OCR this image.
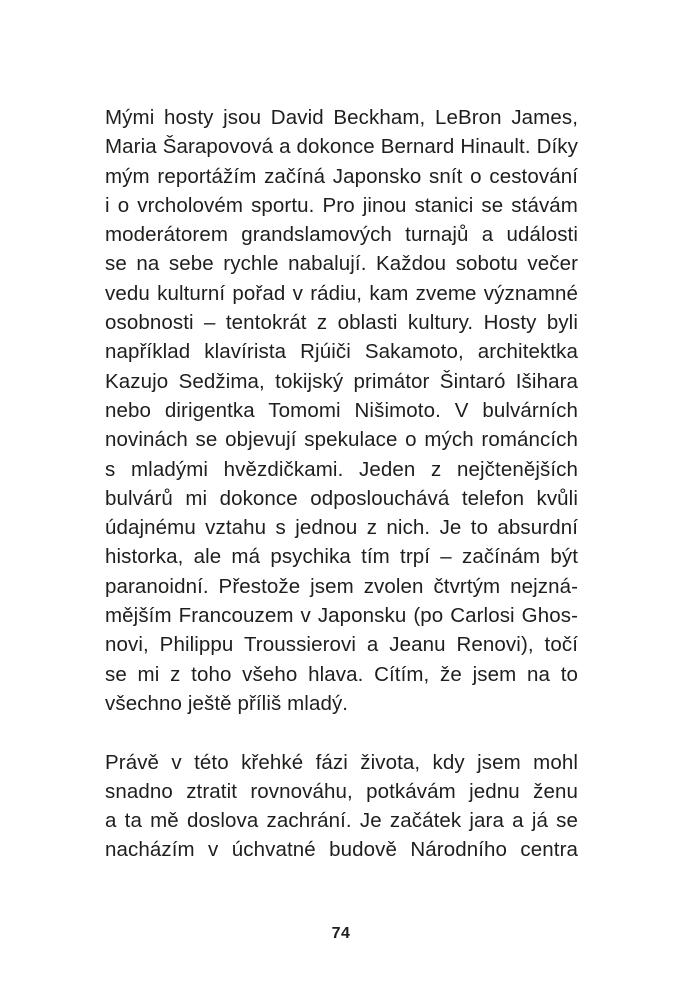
Mými hosty jsou David Beckham, LeBron James,
Maria Šarapovová a dokonce Bernard Hinault. Díky
mým reportážím začíná Japonsko snít o cestování
i o vrcholovém sportu. Pro jinou stanici se stávám
moderátorem grandslamových turnajů a události
se na sebe rychle nabalují. Každou sobotu večer
vedu kulturní pořad v rádiu, kam zveme významné
osobnosti – tentokrát z oblasti kultury. Hosty byli
například klavírista Rjúiči Sakamoto, architektka
Kazujo Sedžima, tokijský primátor Šintaró Išihara
nebo dirigentka Tomomi Nišimoto. V bulvárních
novinách se objevují spekulace o mých románcích
s mladými hvězdičkami. Jeden z nejčtenějších
bulvárů mi dokonce odposlouchává telefon kvůli
údajnému vztahu s jednou z nich. Je to absurdní
historka, ale má psychika tím trpí – začínám být
paranoidní. Přestože jsem zvolen čtvrtým nejzná-
mějším Francouzem v Japonsku (po Carlosi Ghos-
novi, Philippu Troussierovi a Jeanu Renovi), točí
se mi z toho všeho hlava. Cítím, že jsem na to
všechno ještě příliš mladý.
Právě v této křehké fázi života, kdy jsem mohl
snadno ztratit rovnováhu, potkávám jednu ženu
a ta mě doslova zachrání. Je začátek jara a já se
nacházím v úchvatné budově Národního centra
74
